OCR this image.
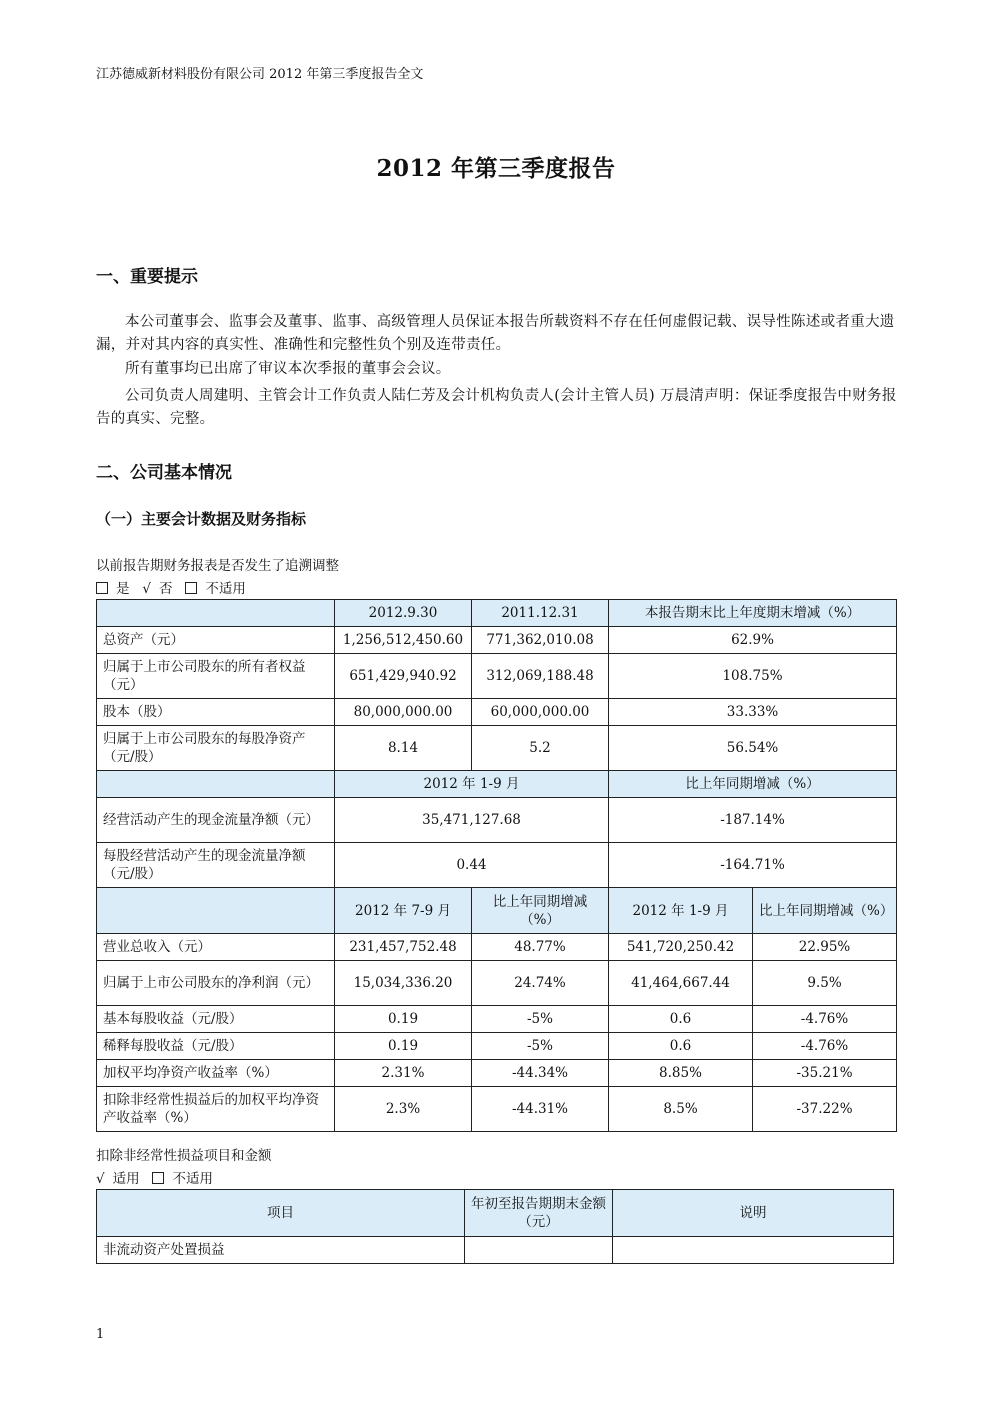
江苏德威新材料股份有限公司 2012 年第三季度报告全文
2012 年第三季度报告
一、重要提示

本公司董事会、监事会及董事、监事、高级管理人员保证本报告所载资料不存在任何虚假记载、误导性陈述或者重大遗漏，并对其内容的真实性、准确性和完整性负个别及连带责任。

所有董事均已出席了审议本次季报的董事会会议。

公司负责人周建明、主管会计工作负责人陆仁芳及会计机构负责人(会计主管人员) 万晨清声明：保证季度报告中财务报告的真实、完整。

二、公司基本情况
（一）主要会计数据及财务指标
以前报告期财务报表是否发生了追溯调整
是 √ 否 不适用
	2012.9.30	2011.12.31	本报告期末比上年度期末增减（%）	
总资产（元）	1,256,512,450.60	771,362,010.08	62.9%	
归属于上市公司股东的所有者权益（元）	651,429,940.92	312,069,188.48	108.75%	
股本（股）	80,000,000.00	60,000,000.00	33.33%	
归属于上市公司股东的每股净资产（元/股）	8.14	5.2	56.54%	
	2012 年 1-9 月		比上年同期增减（%）	
经营活动产生的现金流量净额（元）	35,471,127.68		-187.14%	
每股经营活动产生的现金流量净额（元/股）	0.44		-164.71%	
	2012 年 7-9 月	比上年同期增减（%）	2012 年 1-9 月	比上年同期增减（%）
营业总收入（元）	231,457,752.48	48.77%	541,720,250.42	22.95%
归属于上市公司股东的净利润（元）	15,034,336.20	24.74%	41,464,667.44	9.5%
基本每股收益（元/股）	0.19	-5%	0.6	-4.76%
稀释每股收益（元/股）	0.19	-5%	0.6	-4.76%
加权平均净资产收益率（%）	2.31%	-44.34%	8.85%	-35.21%
扣除非经常性损益后的加权平均净资产收益率（%）	2.3%	-44.31%	8.5%	-37.22%
扣除非经常性损益项目和金额
√ 适用 不适用
项目	年初至报告期期末金额（元）	说明
非流动资产处置损益		
1
